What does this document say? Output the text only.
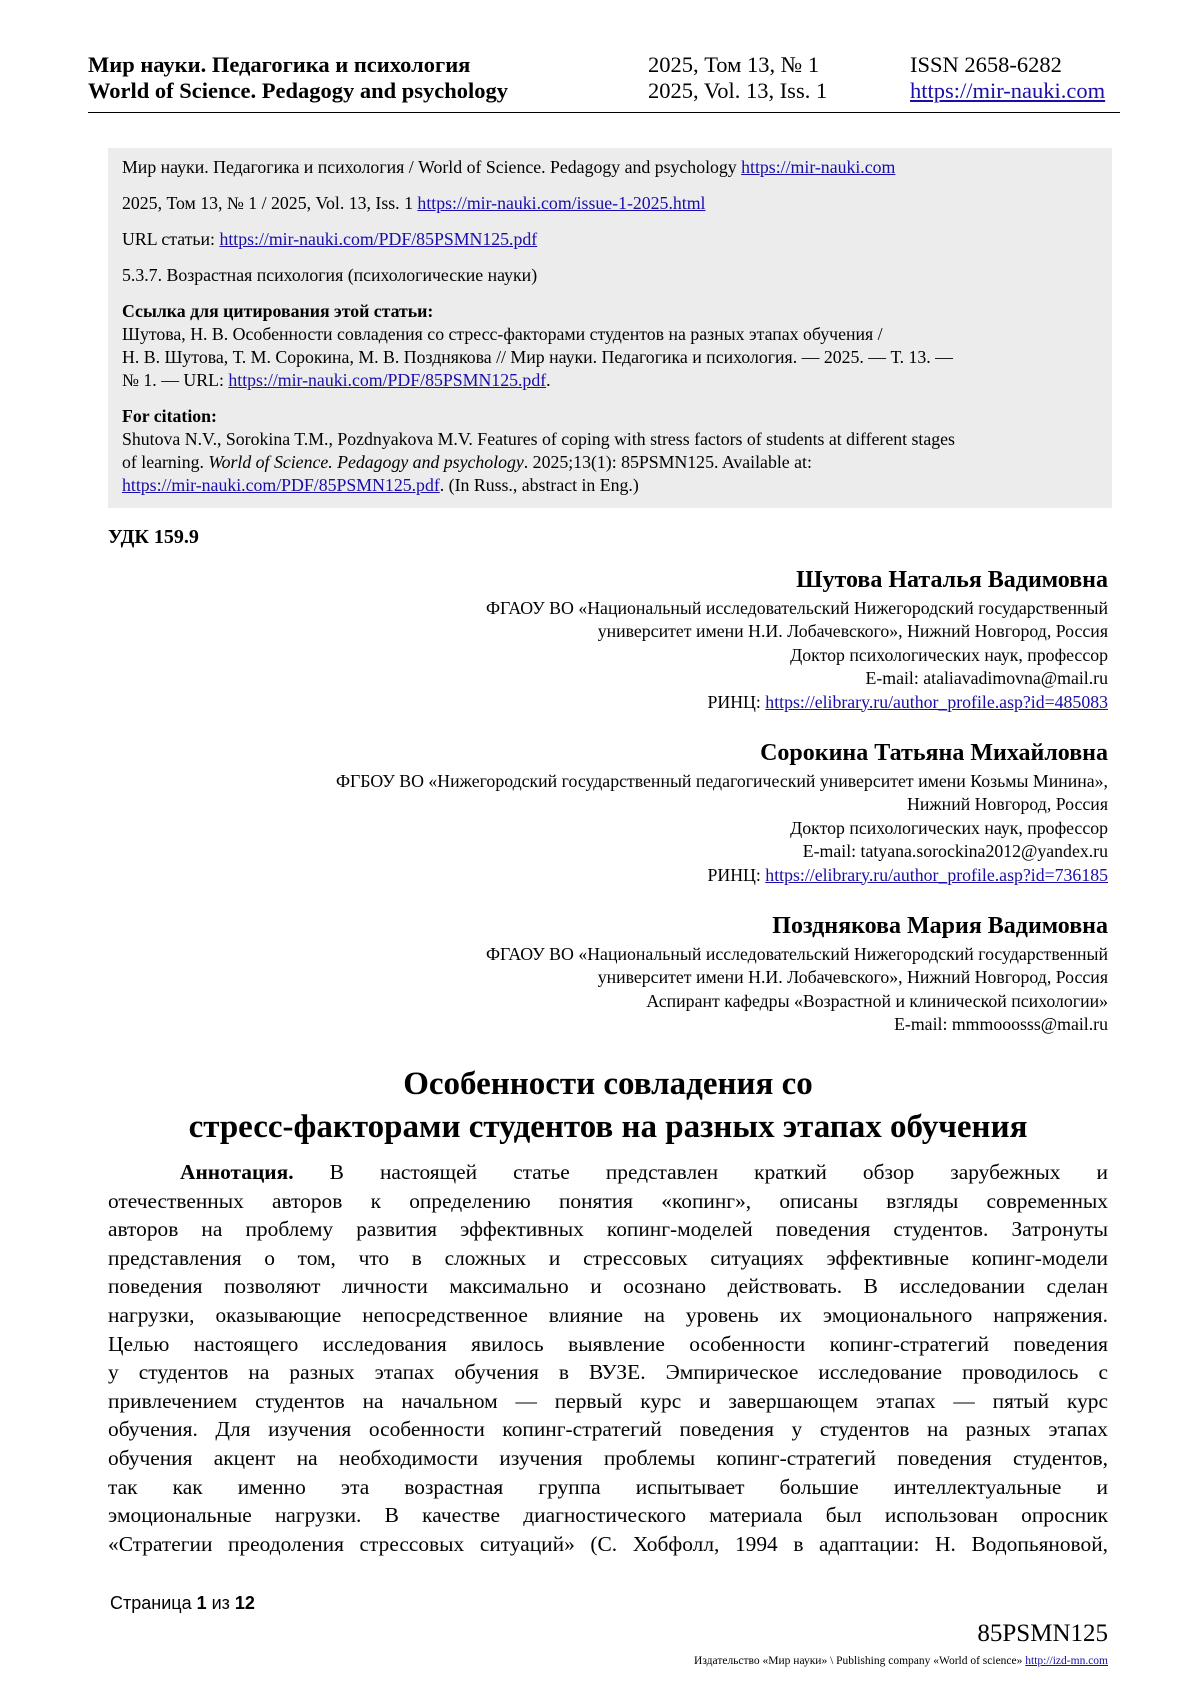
Мир науки. Педагогика и психология	2025, Том 13, № 1	ISSN 2658-6282
World of Science. Pedagogy and psychology	2025, Vol. 13, Iss. 1	https://mir-nauki.com

Мир науки. Педагогика и психология / World of Science. Pedagogy and psychology https://mir-nauki.com

2025, Том 13, № 1 / 2025, Vol. 13, Iss. 1 https://mir-nauki.com/issue-1-2025.html

URL статьи: https://mir-nauki.com/PDF/85PSMN125.pdf

5.3.7. Возрастная психология (психологические науки)

Ссылка для цитирования этой статьи:

Шутова, Н. В. Особенности совладения со стресс-факторами студентов на разных этапах обучения /

Н. В. Шутова, Т. М. Сорокина, М. В. Позднякова // Мир науки. Педагогика и психология. — 2025. — Т. 13. —

№ 1. — URL: https://mir-nauki.com/PDF/85PSMN125.pdf.

For citation:

Shutova N.V., Sorokina T.M., Pozdnyakova M.V. Features of coping with stress factors of students at different stages

of learning. World of Science. Pedagogy and psychology. 2025;13(1): 85PSMN125. Available at:

https://mir-nauki.com/PDF/85PSMN125.pdf. (In Russ., abstract in Eng.)

УДК 159.9
Шутова Наталья Вадимовна
ФГАОУ ВО «Национальный исследовательский Нижегородский государственный
университет имени Н.И. Лобачевского», Нижний Новгород, Россия
Доктор психологических наук, профессор
E-mail: ataliavadimovna@mail.ru
РИНЦ: https://elibrary.ru/author_profile.asp?id=485083
Сорокина Татьяна Михайловна
ФГБОУ ВО «Нижегородский государственный педагогический университет имени Козьмы Минина»,
Нижний Новгород, Россия
Доктор психологических наук, профессор
E-mail: tatyana.sorockina2012@yandex.ru
РИНЦ: https://elibrary.ru/author_profile.asp?id=736185
Позднякова Мария Вадимовна
ФГАОУ ВО «Национальный исследовательский Нижегородский государственный
университет имени Н.И. Лобачевского», Нижний Новгород, Россия
Аспирант кафедры «Возрастной и клинической психологии»
E-mail: mmmooosss@mail.ru
Особенности совладения со
стресс-факторами студентов на разных этапах обучения
Аннотация. В настоящей статье представлен краткий обзор зарубежных и
отечественных авторов к определению понятия «копинг», описаны взгляды современных
авторов на проблему развития эффективных копинг-моделей поведения студентов. Затронуты
представления о том, что в сложных и стрессовых ситуациях эффективные копинг-модели
поведения позволяют личности максимально и осознано действовать. В исследовании сделан
нагрузки, оказывающие непосредственное влияние на уровень их эмоционального напряжения.
Целью настоящего исследования явилось выявление особенности копинг-стратегий поведения
у студентов на разных этапах обучения в ВУЗЕ. Эмпирическое исследование проводилось с
привлечением студентов на начальном — первый курс и завершающем этапах — пятый курс
обучения. Для изучения особенности копинг-стратегий поведения у студентов на разных этапах
обучения акцент на необходимости изучения проблемы копинг-стратегий поведения студентов,
так как именно эта возрастная группа испытывает большие интеллектуальные и
эмоциональные нагрузки. В качестве диагностического материала был использован опросник
«Стратегии преодоления стрессовых ситуаций» (С. Хобфолл, 1994 в адаптации: Н. Водопьяновой,
Страница 1 из 12
85PSMN125
Издательство «Мир науки» \ Publishing company «World of science» http://izd-mn.com
